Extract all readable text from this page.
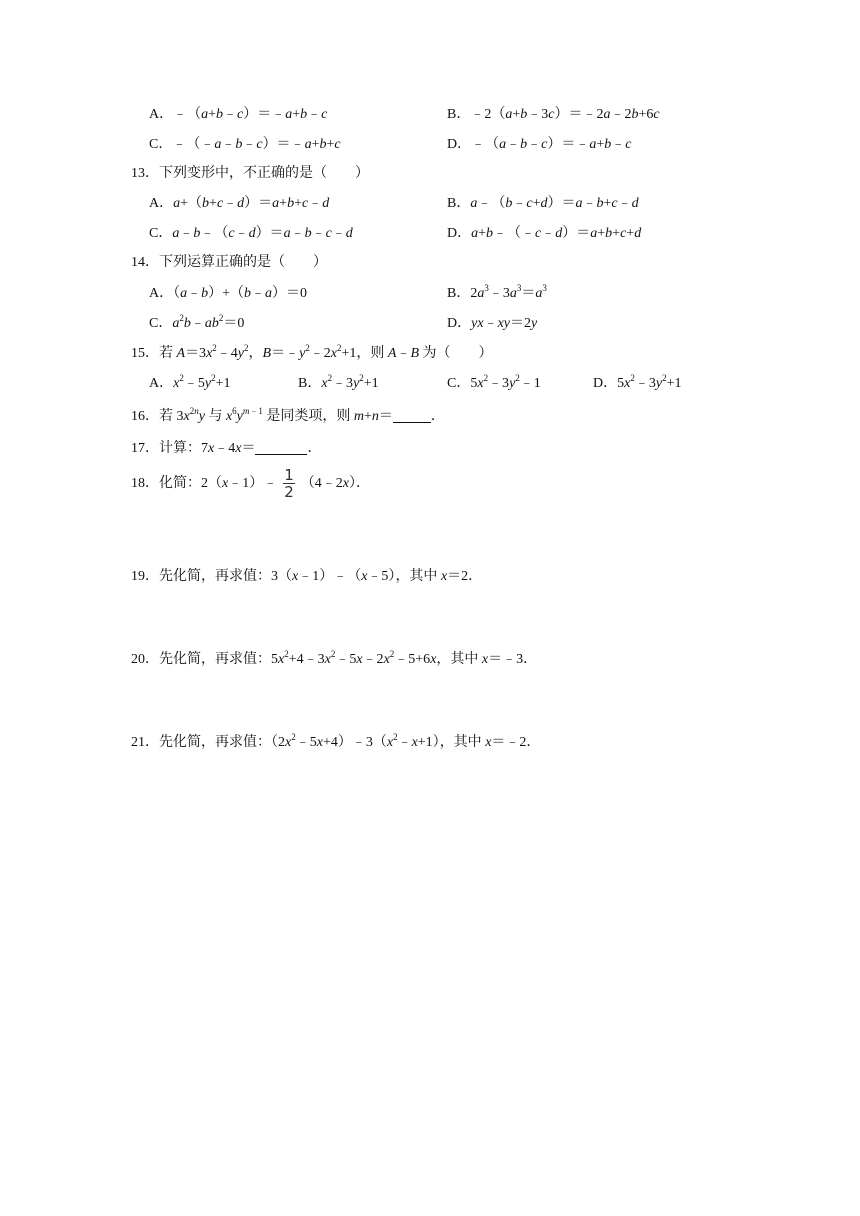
A．﹣（a+b﹣c）＝﹣a+b﹣c	B．﹣2（a+b﹣3c）＝﹣2a﹣2b+6c
C．﹣（﹣a﹣b﹣c）＝﹣a+b+c	D．﹣（a﹣b﹣c）＝﹣a+b﹣c
13．下列变形中，不正确的是（　　）
A．a+（b+c﹣d）＝a+b+c﹣d	B．a﹣（b﹣c+d）＝a﹣b+c﹣d
C．a﹣b﹣（c﹣d）＝a﹣b﹣c﹣d	D．a+b﹣（﹣c﹣d）＝a+b+c+d
14．下列运算正确的是（　　）
A．（a﹣b）+（b﹣a）＝0	B．$2a^3﹣3a^3=a^3$
C．$a^2b﹣ab^2=0$	D．yx﹣xy＝2y
15．若 $A=3x^2﹣4y^2$，$B=﹣y^2﹣2x^2+1$，则 A﹣B 为（　　）
A．$x^2﹣5y^2+1$	B．$x^2﹣3y^2+1$	C．$5x^2﹣3y^2﹣1$	D．$5x^2﹣3y^2+1$
16．若 $3x^{2n}y$ 与 $x^6y^{m﹣1}$ 是同类项，则 m+n＝	．
17．计算：7x﹣4x＝	．
18．化简：2（x﹣1）﹣ $\frac{1}{2}$ （4﹣2x）．
19．先化简，再求值：3（x﹣1）﹣（x﹣5），其中 x＝2．
20．先化简，再求值：$5x^2+4﹣3x^2﹣5x﹣2x^2﹣5+6x$，其中 x＝﹣3．
21．先化简，再求值：$(2x^2﹣5x+4)﹣3(x^2﹣x+1)$，其中 x＝﹣2．
